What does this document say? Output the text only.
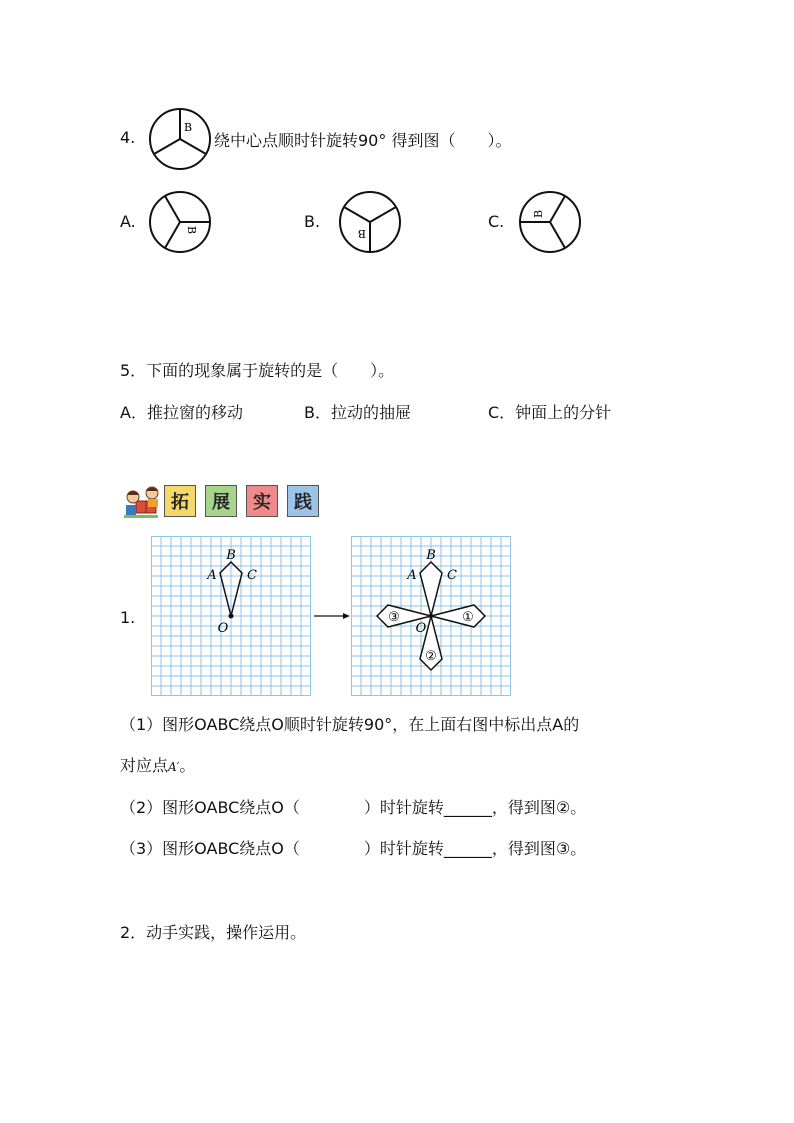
4.
B
绕中心点顺时针旋转90° 得到图（　　）。
A.	B	B.
B
C.	B
5．下面的现象属于旋转的是（　　）。
A．推拉窗的移动	B．拉动的抽屉	C．钟面上的分针
拓	展	实	践
1.
B
A C
O
B
A C
O
①
②
③
（1）图形OABC绕点O顺时针旋转90°，在上面右图中标出点A的
对应点A′。
（2）图形OABC绕点O（　　　　）时针旋转______，得到图②。
（3）图形OABC绕点O（　　　　）时针旋转______，得到图③。
2．动手实践，操作运用。
